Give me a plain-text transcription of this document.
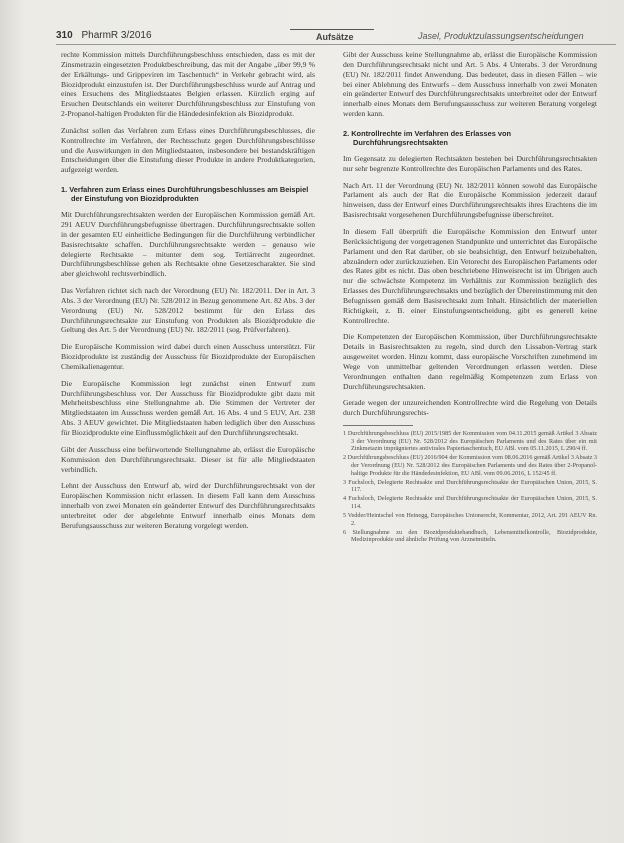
310 PharmR 3/2016	Aufsätze	Jasel, Produktzulassungsentscheidungen

rechte Kommission mittels Durchführungsbeschluss entschieden, dass es mit der Zinsmetrazin eingesetzten Produktbeschreibung, das mit der Angabe „über 99,9 % der Erkältungs- und Grippeviren im Taschentuch“ in Verkehr gebracht wird, als Biozidprodukt einzustufen ist. Der Durchführungsbeschluss wurde auf Antrag und eines Ersuchens des Mitgliedstaates Belgien erlassen. Kürzlich erging auf Ersuchen Deutschlands ein weiterer Durchführungsbeschluss zur Einstufung von 2-Propanol-haltigen Produkten für die Händedesinfektion als Biozidprodukt.

Zunächst sollen das Verfahren zum Erlass eines Durchführungsbeschlusses, die Kontrollrechte im Verfahren, der Rechtsschutz gegen Durchführungsbeschlüsse und die Auswirkungen in den Mitgliedstaaten, insbesondere bei bestandskräftigen Entscheidungen über die Einstufung dieser Produkte in andere Produktkategorien, aufgezeigt werden.

1. Verfahren zum Erlass eines Durchführungsbeschlusses am Beispiel der Einstufung von Biozidprodukten

Mit Durchführungsrechtsakten werden der Europäischen Kommission gemäß Art. 291 AEUV Durchführungsbefugnisse übertragen. Durchführungsrechtsakte sollen in der gesamten EU einheitliche Bedingungen für die Durchführung verbindlicher Basisrechtsakte schaffen. Durchführungsrechtsakte werden – genauso wie delegierte Rechtsakte – mitunter dem sog. Tertiärrecht zugeordnet. Durchführungsbeschlüsse gehen als Rechtsakte ohne Gesetzescharakter. Sie sind aber gleichwohl rechtsverbindlich.

Das Verfahren richtet sich nach der Verordnung (EU) Nr. 182/2011. Der in Art. 3 Abs. 3 der Verordnung (EU) Nr. 528/2012 in Bezug genommene Art. 82 Abs. 3 der Verordnung (EU) Nr. 528/2012 bestimmt für den Erlass des Durchführungsrechtsakte zur Einstufung von Produkten als Biozidprodukte die Geltung des Art. 5 der Verordnung (EU) Nr. 182/2011 (sog. Prüfverfahren).

Die Europäische Kommission wird dabei durch einen Ausschuss unterstützt. Für Biozidprodukte ist zuständig der Ausschuss für Biozidprodukte der Europäischen Chemikalienagentur.

Die Europäische Kommission legt zunächst einen Entwurf zum Durchführungsbeschluss vor. Der Ausschuss für Biozidprodukte gibt dazu mit Mehrheitsbeschluss eine Stellungnahme ab. Die Stimmen der Vertreter der Mitgliedstaaten im Ausschuss werden gemäß Art. 16 Abs. 4 und 5 EUV, Art. 238 Abs. 3 AEUV gewichtet. Die Mitgliedstaaten haben lediglich über den Ausschuss für Biozidprodukte eine Einflussmöglichkeit auf den Durchführungsrechtsakt.

Gibt der Ausschuss eine befürwortende Stellungnahme ab, erlässt die Europäische Kommission den Durchführungsrechtsakt. Dieser ist für alle Mitgliedstaaten verbindlich.

Lehnt der Ausschuss den Entwurf ab, wird der Durchführungsrechtsakt von der Europäischen Kommission nicht erlassen. In diesem Fall kann dem Ausschuss innerhalb von zwei Monaten ein geänderter Entwurf des Durchführungsrechtsakts unterbreitet oder der abgelehnte Entwurf innerhalb eines Monats dem Berufungsausschuss zur weiteren Beratung vorgelegt werden.

Gibt der Ausschuss keine Stellungnahme ab, erlässt die Europäische Kommission den Durchführungsrechtsakt nicht und Art. 5 Abs. 4 Unterabs. 3 der Verordnung (EU) Nr. 182/2011 findet Anwendung. Das bedeutet, dass in diesen Fällen – wie bei einer Ablehnung des Entwurfs – dem Ausschuss innerhalb von zwei Monaten ein geänderter Entwurf des Durchführungsrechtsakts unterbreitet oder der Entwurf innerhalb eines Monats dem Berufungsausschuss zur weiteren Beratung vorgelegt werden kann.

2. Kontrollrechte im Verfahren des Erlasses von Durchführungsrechtsakten

Im Gegensatz zu delegierten Rechtsakten bestehen bei Durchführungsrechtsakten nur sehr begrenzte Kontrollrechte des Europäischen Parlaments und des Rates.

Nach Art. 11 der Verordnung (EU) Nr. 182/2011 können sowohl das Europäische Parlament als auch der Rat die Europäische Kommission jederzeit darauf hinweisen, dass der Entwurf eines Durchführungsrechtsakts ihres Erachtens die im Basisrechtsakt vorgesehenen Durchführungsbefugnisse überschreitet.

In diesem Fall überprüft die Europäische Kommission den Entwurf unter Berücksichtigung der vorgetragenen Standpunkte und unterrichtet das Europäische Parlament und den Rat darüber, ob sie beabsichtigt, den Entwurf beizubehalten, abzuändern oder zurückzuziehen. Ein Vetorecht des Europäischen Parlaments oder des Rates gibt es nicht. Das oben beschriebene Hinweisrecht ist im Übrigen auch nur die schwächste Kompetenz im Verhältnis zur Kommission bezüglich des Erlasses des Durchführungsrechtsakts und bezüglich der Übereinstimmung mit den Befugnissen gemäß dem Basisrechtsakt zum Inhalt. Hinsichtlich der materiellen Richtigkeit, z. B. einer Einstufungsentscheidung, gibt es generell keine Kontrollrechte.

Die Kompetenzen der Europäischen Kommission, über Durchführungsrechtsakte Details in Basisrechtsakten zu regeln, sind durch den Lissabon-Vertrag stark ausgeweitet worden. Hinzu kommt, dass europäische Vorschriften zunehmend im Wege von unmittelbar geltenden Verordnungen erlassen werden. Diese Verordnungen enthalten dann regelmäßig Kompetenzen zum Erlass von Durchführungsrechtsakten.

Gerade wegen der unzureichenden Kontrollrechte wird die Regelung von Details durch Durchführungsrechts-

1 Durchführungsbeschluss (EU) 2015/1985 der Kommission vom 04.11.2015 gemäß Artikel 3 Absatz 3 der Verordnung (EU) Nr. 528/2012 des Europäischen Parlaments und des Rates über ein mit Zinkmetazin imprägniertes antivirales Papiertaschentuch, EU ABl. vom 05.11.2015, L 290/4 ff.

2 Durchführungsbeschluss (EU) 2016/904 der Kommission vom 08.06.2016 gemäß Artikel 3 Absatz 3 der Verordnung (EU) Nr. 528/2012 des Europäischen Parlaments und des Rates über 2-Propanol-haltige Produkte für die Händedesinfektion, EU ABl. vom 09.06.2016, L 152/45 ff.

3 Fuchsloch, Delegierte Rechtsakte und Durchführungsrechtsakte der Europäischen Union, 2015, S. 117.

4 Fuchsloch, Delegierte Rechtsakte und Durchführungsrechtsakte der Europäischen Union, 2015, S. 114.

5 Vedder/Heintschel von Heinegg, Europäisches Unionsrecht, Kommentar, 2012, Art. 291 AEUV Rn. 2.

6 Stellungnahme zu den Biozidproduktehandbuch, Lebensmittelkontrolle, Biozidprodukte, Medizinprodukte und ähnliche Prüfung von Arzneimitteln.
